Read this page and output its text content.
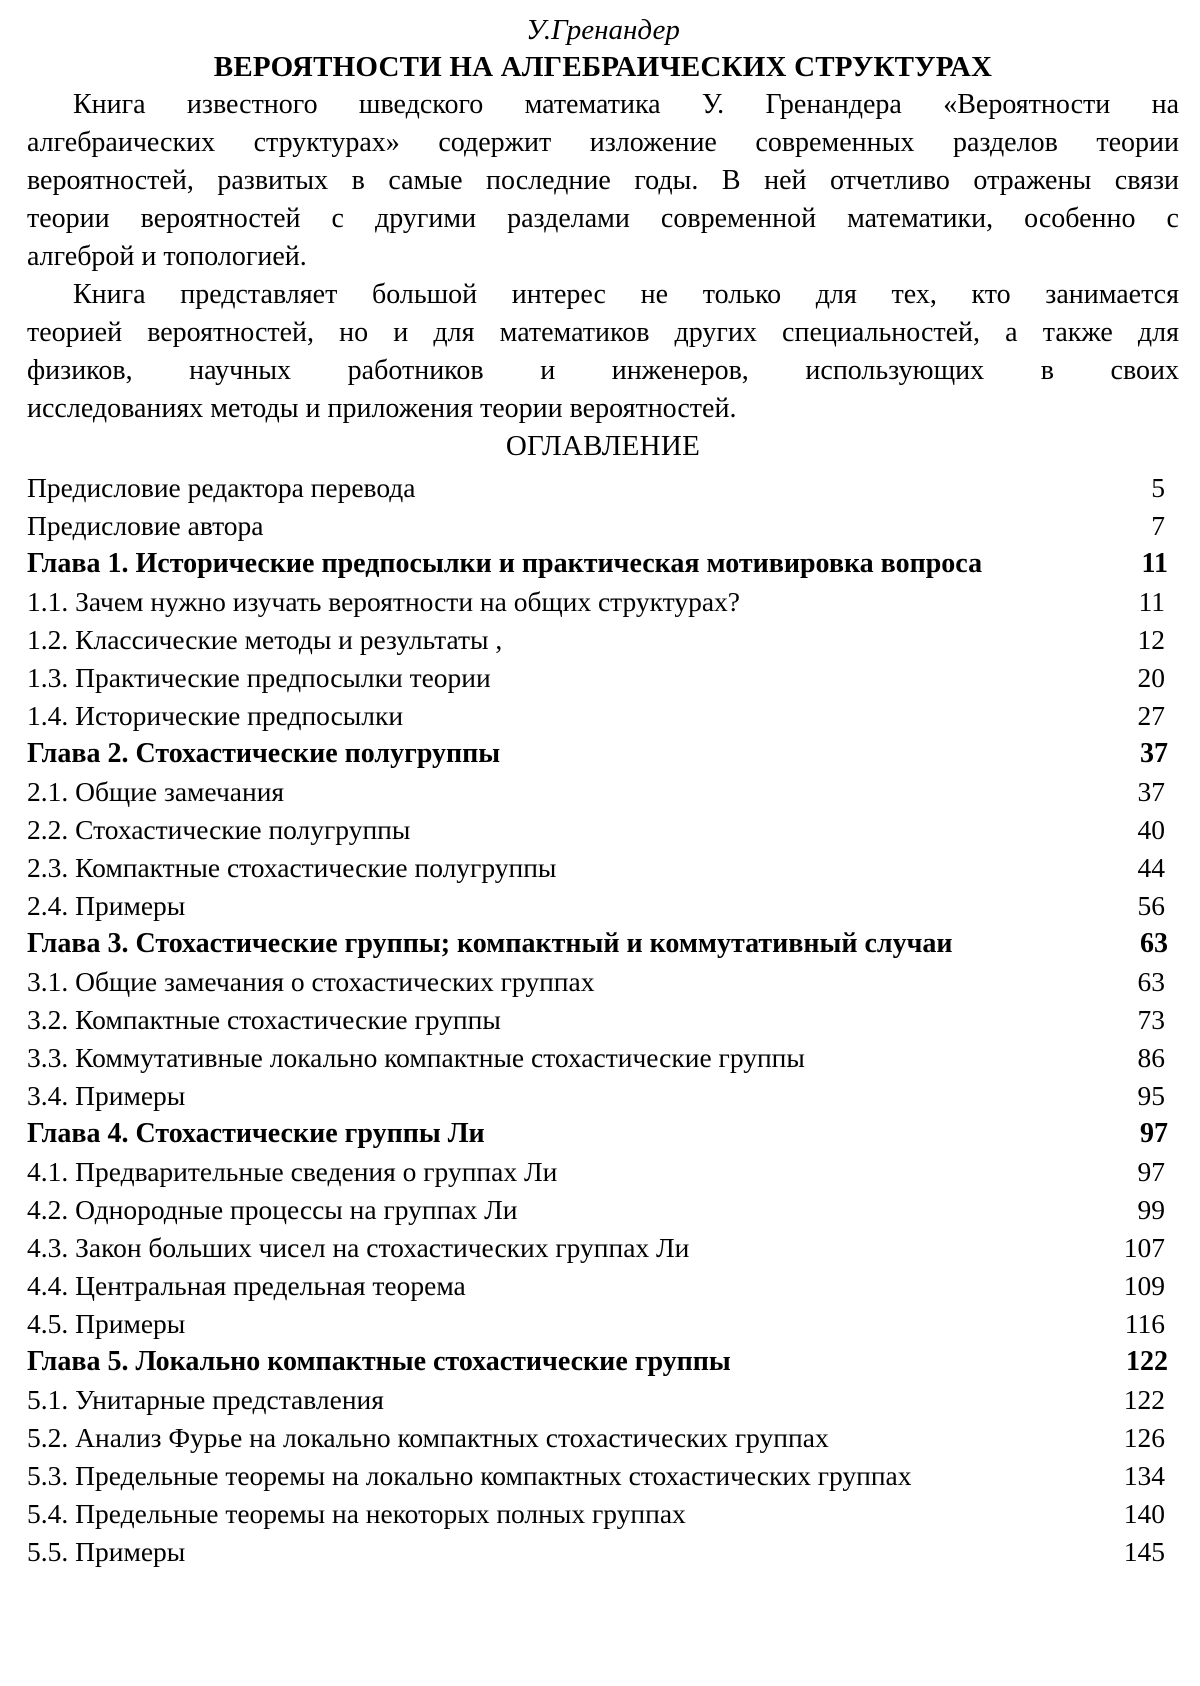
У.Гренандер
ВЕРОЯТНОСТИ НА АЛГЕБРАИЧЕСКИХ СТРУКТУРАХ
Книга известного шведского математика У. Гренандера «Вероятности на
алгебраических структурах» содержит изложение современных разделов теории
вероятностей, развитых в самые последние годы. В ней отчетливо отражены связи
теории вероятностей с другими разделами современной математики, особенно с
алгеброй и топологией.
Книга представляет большой интерес не только для тех, кто занимается
теорией вероятностей, но и для математиков других специальностей, а также для
физиков, научных работников и инженеров, использующих в своих
исследованиях методы и приложения теории вероятностей.
ОГЛАВЛЕНИЕ
Предисловие редактора перевода	5
Предисловие автора	7
Глава 1. Исторические предпосылки и практическая мотивировка вопроса	11
1.1. Зачем нужно изучать вероятности на общих структурах?	11
1.2. Классические методы и результаты ,	12
1.3. Практические предпосылки теории	20
1.4. Исторические предпосылки	27
Глава 2. Стохастические полугруппы	37
2.1. Общие замечания	37
2.2. Стохастические полугруппы	40
2.3. Компактные стохастические полугруппы	44
2.4. Примеры	56
Глава 3. Стохастические группы; компактный и коммутативный случаи	63
3.1. Общие замечания о стохастических группах	63
3.2. Компактные стохастические группы	73
3.3. Коммутативные локально компактные стохастические группы	86
3.4. Примеры	95
Глава 4. Стохастические группы Ли	97
4.1. Предварительные сведения о группах Ли	97
4.2. Однородные процессы на группах Ли	99
4.3. Закон больших чисел на стохастических группах Ли	107
4.4. Центральная предельная теорема	109
4.5. Примеры	116
Глава 5. Локально компактные стохастические группы	122
5.1. Унитарные представления	122
5.2. Анализ Фурье на локально компактных стохастических группах	126
5.3. Предельные теоремы на локально компактных стохастических группах	134
5.4. Предельные теоремы на некоторых полных группах	140
5.5. Примеры	145
